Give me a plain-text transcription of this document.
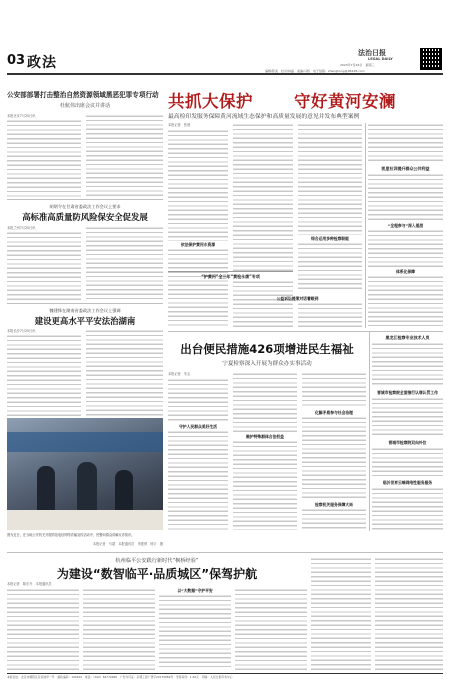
03 政法
法治日报
LEGAL DAILY
2023年7月26日　星期三
编辑/陈美　校对/林晶　美编/马娇　电子信箱：zhenghong@96128.com
公安部部署打击整治自然资源领域黑恶犯罪专项行动
杜航伟出席会议并讲话
本报北京7月25日讯
胡炳令在甘肃省委政法工作会议上要求
高标准高质量防风险保安全促发展
本报兰州7月25日讯
魏建锋在湖南省委政法工作会议上强调
建设更高水平平安法治湖南
本报长沙7月25日讯
图为近日，在当地公安机关开展防范电信网络诈骗宣传活动中，民警向群众讲解反诈知识。
本报记者　马超　本报通讯员　李建勇　杨宇　摄
共抓大保护 守好黄河安澜
最高检印发服务保障黄河流域生态保护和高质量发展的意见并发布典型案例
本报记者　张晨
依法保护黄河水资源
“护黄河”全三年“黄检永康”专项
综合运用多种检察职能
公益诉讼提案对话着眼到
凯里社训提升群众公共利益
“全程参与”深入基层
体系化保障
出台便民措施426项增进民生福祉
宁夏检察深入开展为群众办实事活动
本报记者　朱志
守护人民群众美好生活
维护特殊群体合法权益
化解矛盾参与社会治理
检察机关服务保障大局
黑龙江检察专业技术人员
晋城市检察院全面推行认罪认罚工作
晋城市检察院双向补位
临沂世界云端网络性服务服务
杭州临平公安践行新时代“枫桥经验”
为建设“数智临平·品质城区”保驾护航
本报记者　陈东升　本报通讯员
以“大数据”守护平安
本报社址：北京市朝阳区花家地甲一号　邮政编码：100102　电话：（010）84772288　广告许可证：京朝工商广登字20170089号　零售每份：1.50元　印刷：人民日报印务中心
